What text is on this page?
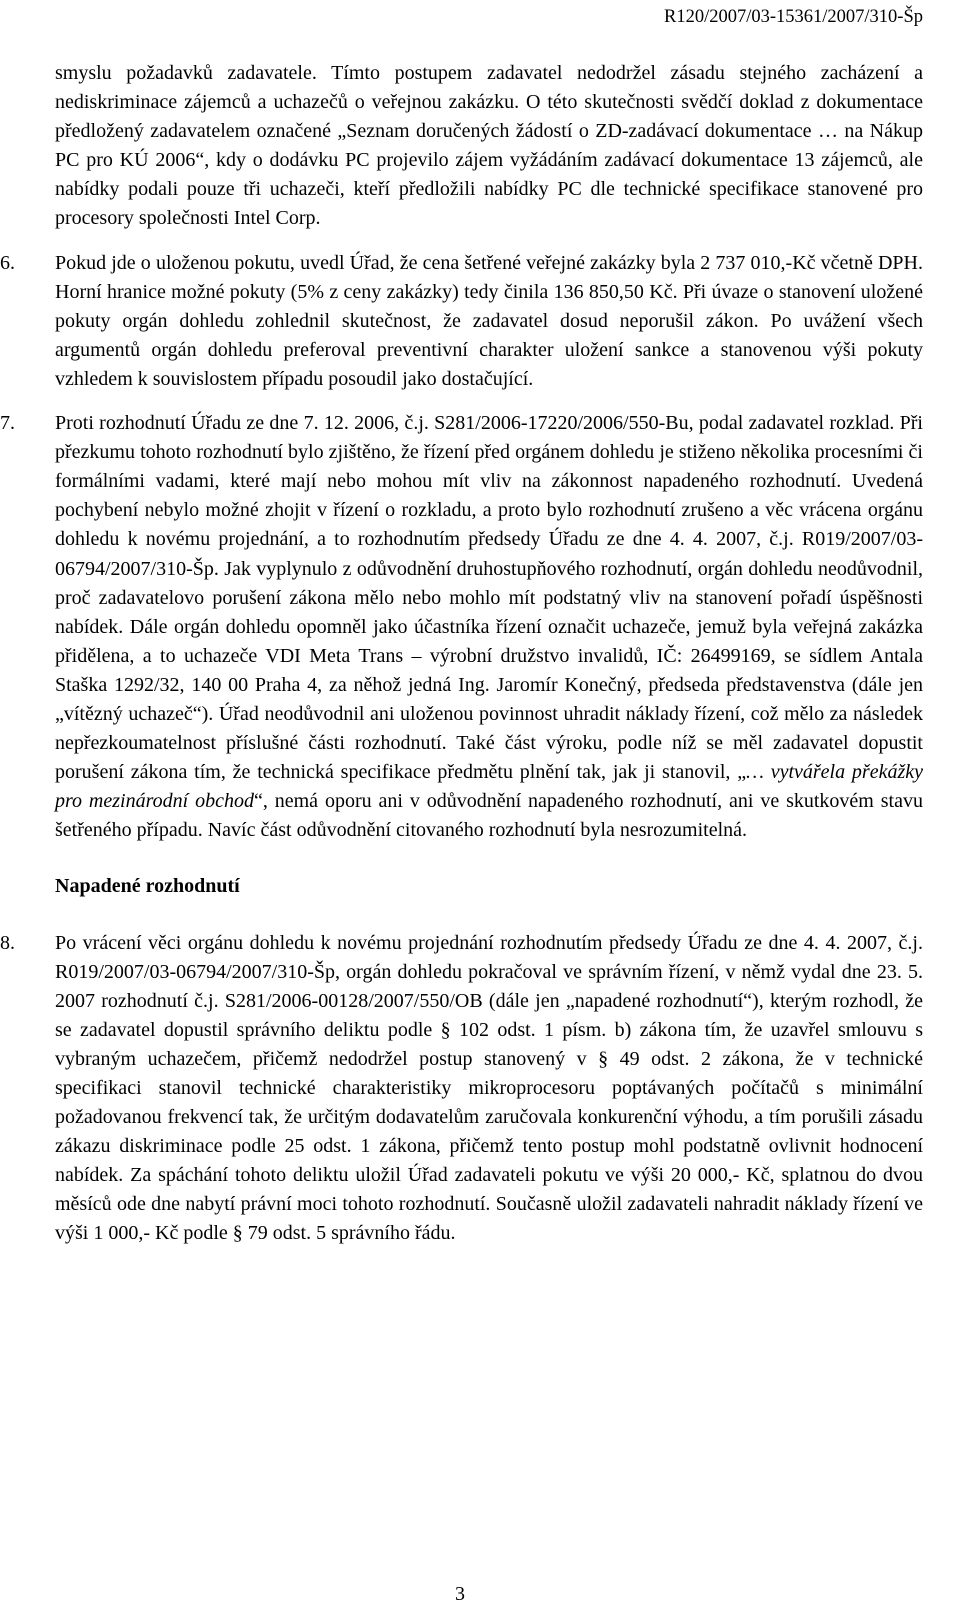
R120/2007/03-15361/2007/310-Šp

smyslu požadavků zadavatele. Tímto postupem zadavatel nedodržel zásadu stejného zacházení a nediskriminace zájemců a uchazečů o veřejnou zakázku. O této skutečnosti svědčí doklad z dokumentace předložený zadavatelem označené „Seznam doručených žádostí o ZD-zadávací dokumentace … na Nákup PC pro KÚ 2006“, kdy o dodávku PC projevilo zájem vyžádáním zadávací dokumentace 13 zájemců, ale nabídky podali pouze tři uchazeči, kteří předložili nabídky PC dle technické specifikace stanovené pro procesory společnosti Intel Corp.

6. Pokud jde o uloženou pokutu, uvedl Úřad, že cena šetřené veřejné zakázky byla 2 737 010,-Kč včetně DPH. Horní hranice možné pokuty (5% z ceny zakázky) tedy činila 136 850,50 Kč. Při úvaze o stanovení uložené pokuty orgán dohledu zohlednil skutečnost, že zadavatel dosud neporušil zákon. Po uvážení všech argumentů orgán dohledu preferoval preventivní charakter uložení sankce a stanovenou výši pokuty vzhledem k souvislostem případu posoudil jako dostačující.

7. Proti rozhodnutí Úřadu ze dne 7. 12. 2006, č.j. S281/2006-17220/2006/550-Bu, podal zadavatel rozklad. Při přezkumu tohoto rozhodnutí bylo zjištěno, že řízení před orgánem dohledu je stiženo několika procesními či formálními vadami, které mají nebo mohou mít vliv na zákonnost napadeného rozhodnutí. Uvedená pochybení nebylo možné zhojit v řízení o rozkladu, a proto bylo rozhodnutí zrušeno a věc vrácena orgánu dohledu k novému projednání, a to rozhodnutím předsedy Úřadu ze dne 4. 4. 2007, č.j. R019/2007/03-06794/2007/310-Šp. Jak vyplynulo z odůvodnění druhostupňového rozhodnutí, orgán dohledu neodůvodnil, proč zadavatelovo porušení zákona mělo nebo mohlo mít podstatný vliv na stanovení pořadí úspěšnosti nabídek. Dále orgán dohledu opomněl jako účastníka řízení označit uchazeče, jemuž byla veřejná zakázka přidělena, a to uchazeče VDI Meta Trans – výrobní družstvo invalidů, IČ: 26499169, se sídlem Antala Staška 1292/32, 140 00 Praha 4, za něhož jedná Ing. Jaromír Konečný, předseda představenstva (dále jen „vítězný uchazeč“). Úřad neodůvodnil ani uloženou povinnost uhradit náklady řízení, což mělo za následek nepřezkoumatelnost příslušné části rozhodnutí. Také část výroku, podle níž se měl zadavatel dopustit porušení zákona tím, že technická specifikace předmětu plnění tak, jak ji stanovil, „… vytvářela překážky pro mezinárodní obchod“, nemá oporu ani v odůvodnění napadeného rozhodnutí, ani ve skutkovém stavu šetřeného případu. Navíc část odůvodnění citovaného rozhodnutí byla nesrozumitelná.

Napadené rozhodnutí

8. Po vrácení věci orgánu dohledu k novému projednání rozhodnutím předsedy Úřadu ze dne 4. 4. 2007, č.j. R019/2007/03-06794/2007/310-Šp, orgán dohledu pokračoval ve správním řízení, v němž vydal dne 23. 5. 2007 rozhodnutí č.j. S281/2006-00128/2007/550/OB (dále jen „napadené rozhodnutí“), kterým rozhodl, že se zadavatel dopustil správního deliktu podle § 102 odst. 1 písm. b) zákona tím, že uzavřel smlouvu s vybraným uchazečem, přičemž nedodržel postup stanovený v § 49 odst. 2 zákona, že v technické specifikaci stanovil technické charakteristiky mikroprocesoru poptávaných počítačů s minimální požadovanou frekvencí tak, že určitým dodavatelům zaručovala konkurenční výhodu, a tím porušili zásadu zákazu diskriminace podle 25 odst. 1 zákona, přičemž tento postup mohl podstatně ovlivnit hodnocení nabídek. Za spáchání tohoto deliktu uložil Úřad zadavateli pokutu ve výši 20 000,- Kč, splatnou do dvou měsíců ode dne nabytí právní moci tohoto rozhodnutí. Současně uložil zadavateli nahradit náklady řízení ve výši 1 000,- Kč podle § 79 odst. 5 správního řádu.

3
